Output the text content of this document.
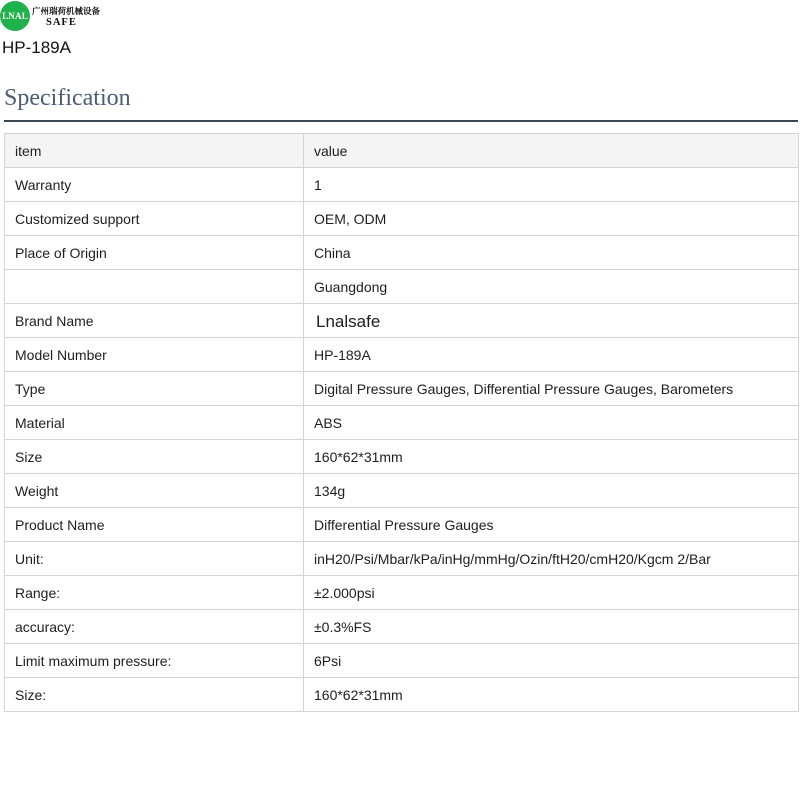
LNAL 广州瑞荷机械设备
SAFE
HP-189A
Specification
item	value
Warranty	1
Customized support	OEM, ODM
Place of Origin	China
	Guangdong
Brand Name	Lnalsafe
Model Number	HP-189A
Type	Digital Pressure Gauges, Differential Pressure Gauges, Barometers
Material	ABS
Size	160*62*31mm
Weight	134g
Product Name	Differential Pressure Gauges
Unit:	inH20/Psi/Mbar/kPa/inHg/mmHg/Ozin/ftH20/cmH20/Kgcm 2/Bar
Range:	±2.000psi
accuracy:	±0.3%FS
Limit maximum pressure:	6Psi
Size:	160*62*31mm
